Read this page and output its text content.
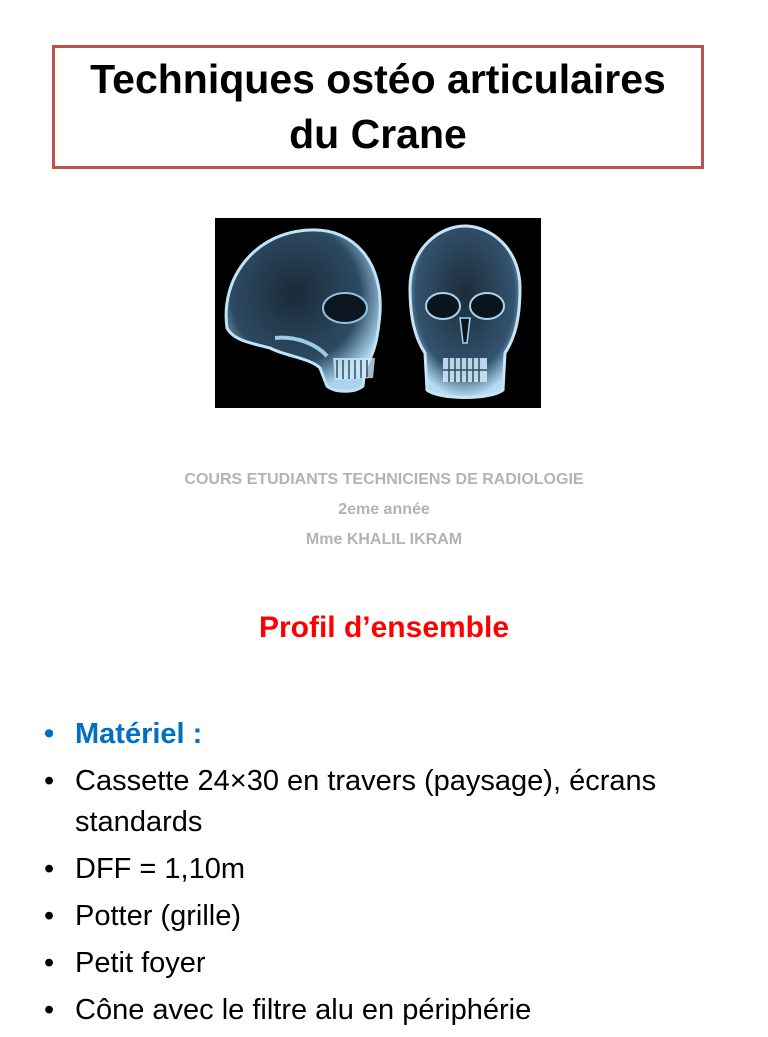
Techniques ostéo articulaires
du Crane
COURS ETUDIANTS TECHNICIENS DE RADIOLOGIE
2eme année
Mme KHALIL IKRAM
Profil d’ensemble
• Matériel :
• Cassette 24×30 en travers (paysage), écrans standards
• DFF = 1,10m
• Potter (grille)
• Petit foyer
• Cône avec le filtre alu en périphérie
